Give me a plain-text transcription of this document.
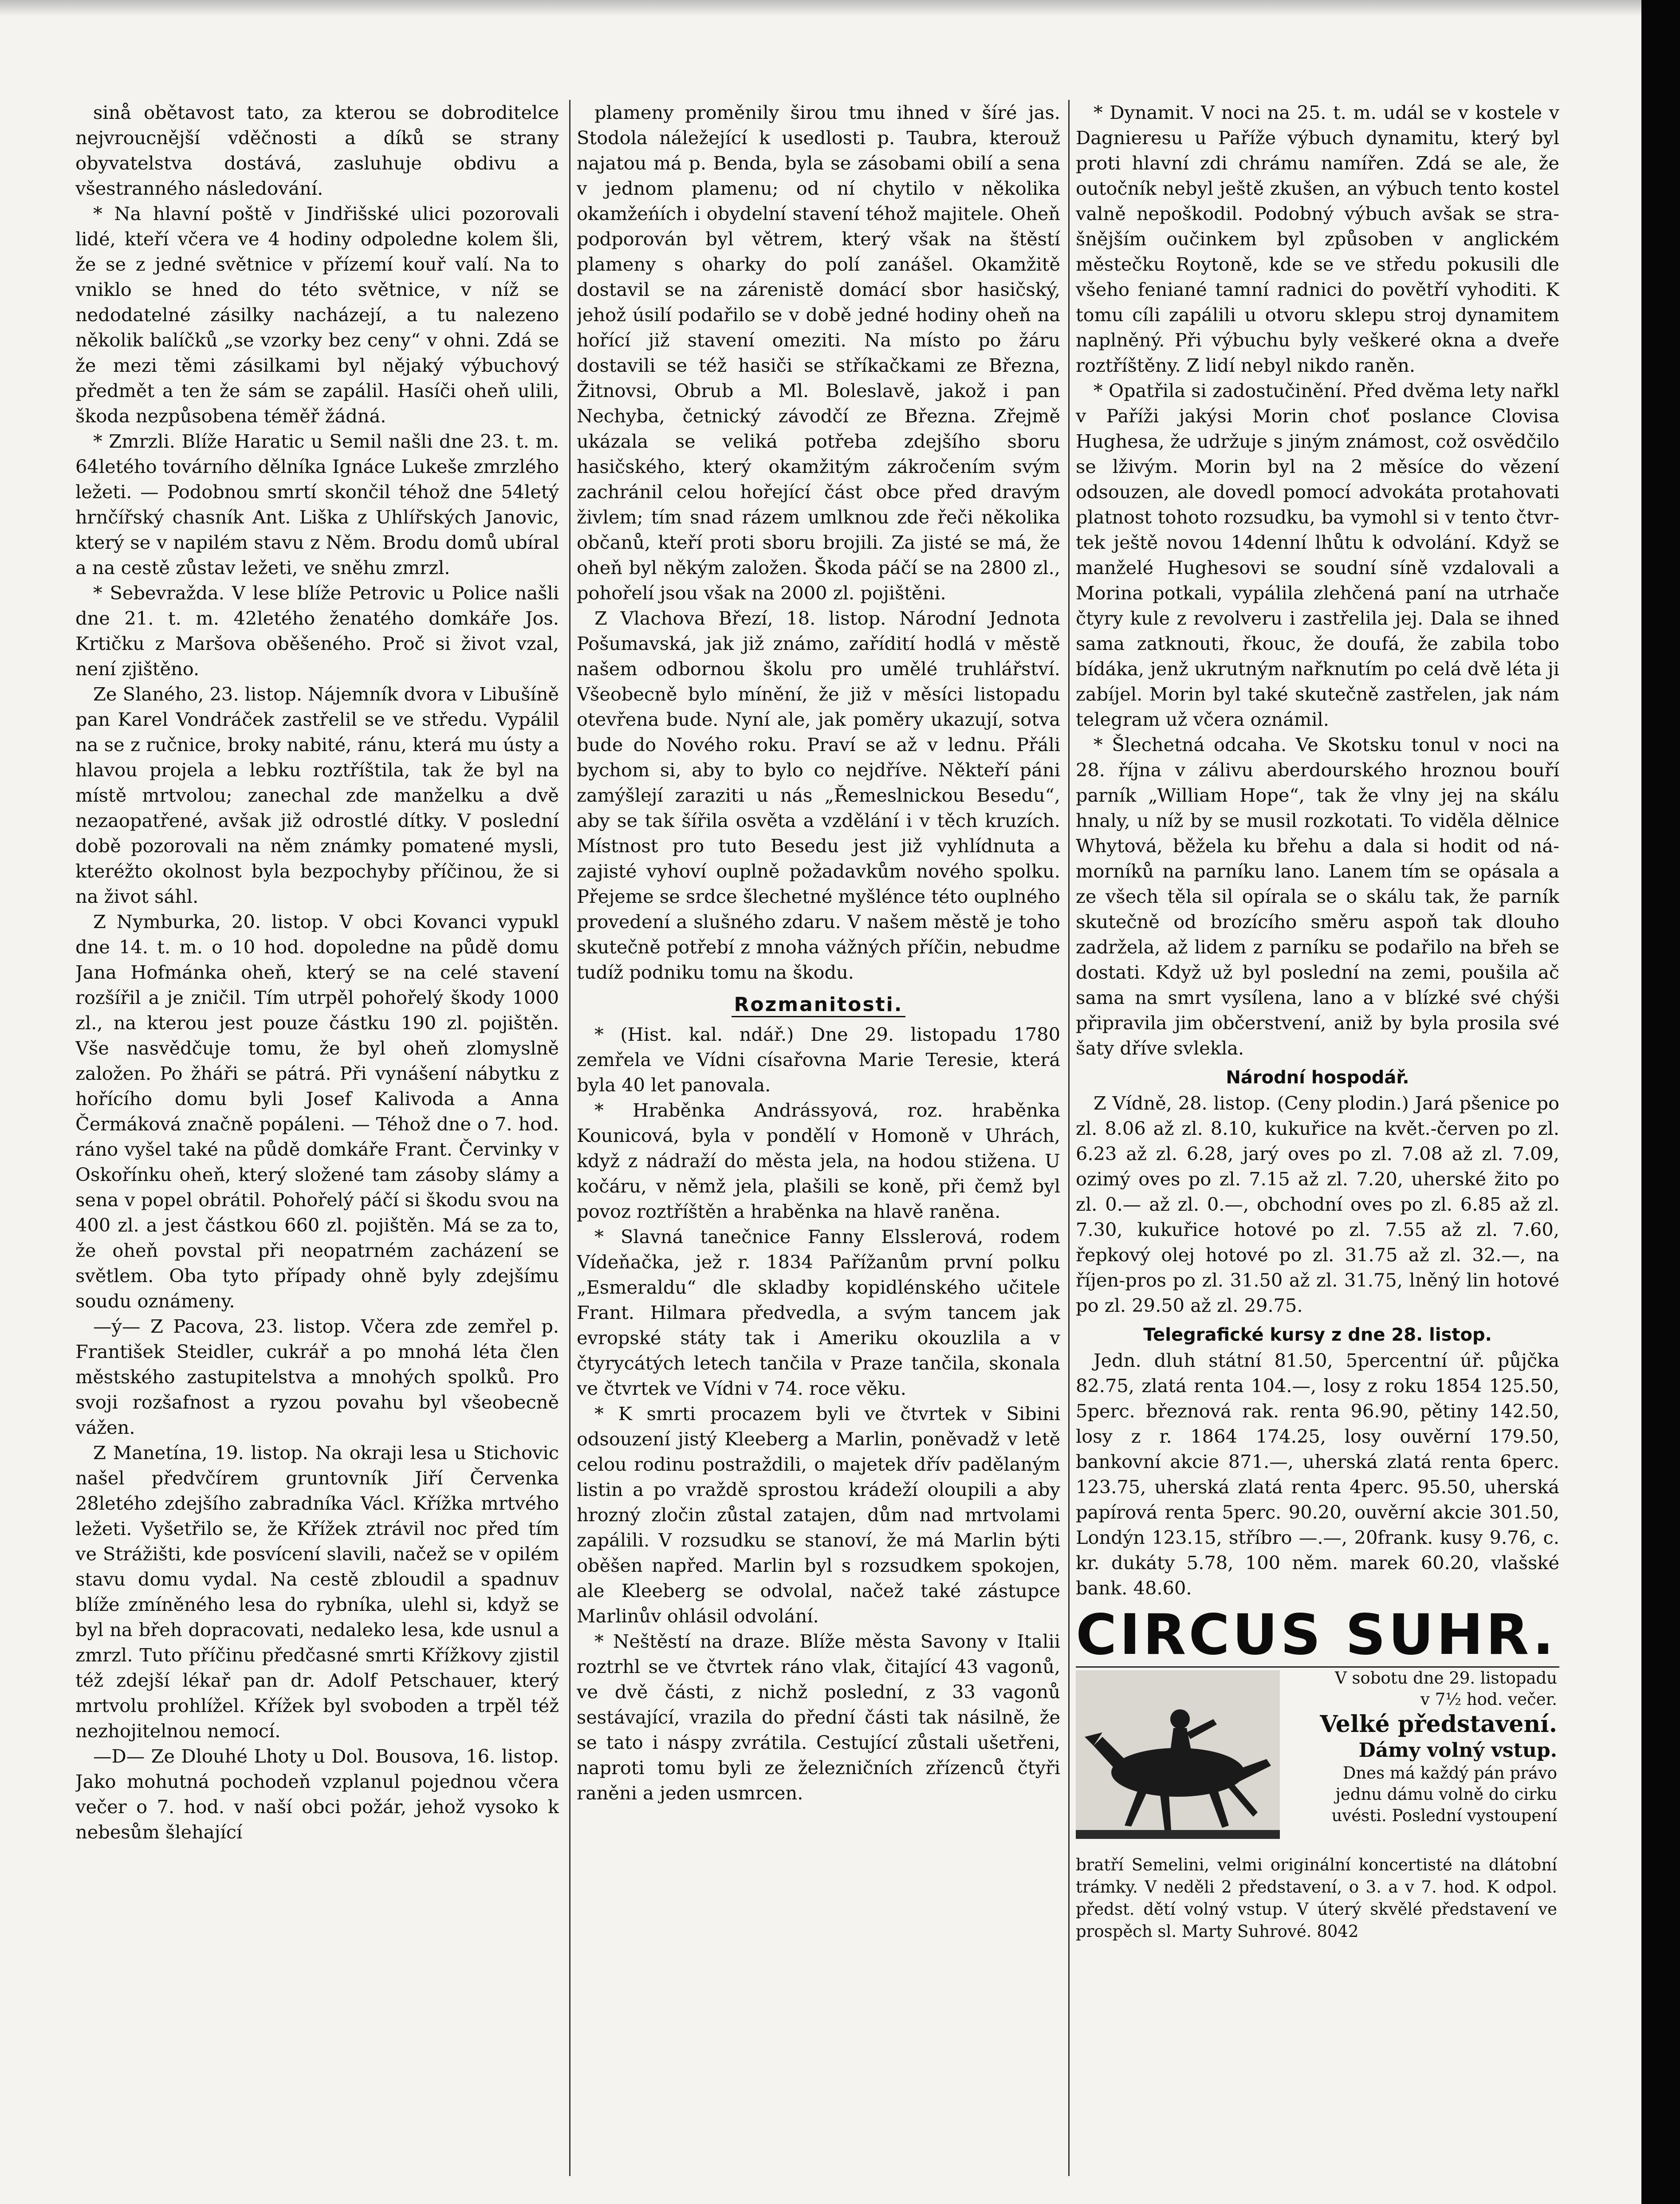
sinå obětavost tato, za kterou se dobroditelce nejvroucnější vděčnosti a díků se strany obyvatelstva dostává, zasluhuje obdivu a všestranného následování.

* Na hlavní poště v Jindřišské ulici pozorovali lidé, kteří včera ve 4 hodiny odpoledne kolem šli, že se z jedné světnice v přízemí kouř valí. Na to vniklo se hned do této světnice, v níž se nedodatelné zásilky nacházejí, a tu nalezeno několik balíčků „se vzorky bez ceny“ v ohni. Zdá se že mezi těmi zásilkami byl nějaký výbuchový předmět a ten že sám se zapálil. Hasíči oheň ulili, škoda nezpůsobena téměř žádná.

* Zmrzli. Blíže Haratic u Semil našli dne 23. t. m. 64letého továrního dělníka Ignáce Lukeše zmrzlého ležeti. — Podobnou smrtí skončil téhož dne 54letý hrnčířský chasník Ant. Liška z Uhlířských Janovic, který se v napilém stavu z Něm. Brodu domů ubíral a na cestě zůstav ležeti, ve sněhu zmrzl.

* Sebevražda. V lese blíže Petrovic u Police našli dne 21. t. m. 42letého ženatého domkáře Jos. Krtičku z Maršova oběšeného. Proč si život vzal, není zjištěno.

Ze Slaného, 23. listop. Nájemník dvora v Libušíně pan Karel Vondráček zastřelil se ve středu. Vypálil na se z ručnice, broky nabité, ránu, která mu ústy a hlavou projela a lebku roztříštila, tak že byl na místě mrtvolou; zanechal zde manželku a dvě nezaopatřené, avšak již odrostlé dítky. V poslední době pozorovali na něm známky pomatené mysli, kteréžto okolnost byla bezpochyby příčinou, že si na život sáhl.

Z Nymburka, 20. listop. V obci Kovanci vypukl dne 14. t. m. o 10 hod. dopoledne na půdě domu Jana Hofmánka oheň, který se na celé stavení rozšířil a je zničil. Tím utrpěl pohořelý škody 1000 zl., na kterou jest pouze částku 190 zl. pojištěn. Vše nasvědčuje tomu, že byl oheň zlomyslně založen. Po žháři se pátrá. Při vynášení nábytku z hořícího domu byli Josef Kalivoda a Anna Čermáková značně popáleni. — Téhož dne o 7. hod. ráno vyšel také na půdě domkáře Frant. Červinky v Oskořínku oheň, který složené tam zásoby slámy a sena v popel obrátil. Pohořelý páčí si škodu svou na 400 zl. a jest částkou 660 zl. pojištěn. Má se za to, že oheň povstal při neopatrném zacházení se světlem. Oba tyto případy ohně byly zdejšímu soudu oznámeny.

—ý— Z Pacova, 23. listop. Včera zde zemřel p. František Steidler, cukrář a po mnohá léta člen městského zastupitelstva a mnohých spolků. Pro svoji rozšafnost a ryzou povahu byl všeobecně vážen.

Z Manetína, 19. listop. Na okraji lesa u Stichovic našel předvčírem gruntovník Jiří Červenka 28letého zdejšího zabradníka Václ. Křížka mrtvého ležeti. Vyšetřilo se, že Křížek ztrávil noc před tím ve Strážišti, kde posvícení slavili, načež se v opilém stavu domu vydal. Na cestě zbloudil a spadnuv blíže zmíněného lesa do rybníka, ulehl si, když se byl na břeh dopracovati, nedaleko lesa, kde usnul a zmrzl. Tuto příčinu předčasné smrti Křížkovy zjistil též zdejší lékař pan dr. Adolf Petschauer, který mrtvolu prohlížel. Křížek byl svoboden a trpěl též nezhojitelnou nemocí.

—D— Ze Dlouhé Lhoty u Dol. Bousova, 16. listop. Jako mohutná pochodeň vzplanul pojednou včera večer o 7. hod. v naší obci požár, jehož vysoko k nebesům šlehající

plameny proměnily širou tmu ihned v šíré jas. Stodola náležející k usedlosti p. Taubra, kterouž najatou má p. Benda, byla se zásobami obilí a sena v jednom plamenu; od ní chytilo v několika okamžeńích i obydelní stavení téhož majitele. Oheň podporován byl větrem, který však na štěstí plameny s oharky do polí zanášel. Okamžitě dostavil se na zárenistě domácí sbor hasičský, jehož úsilí podařilo se v době jedné hodiny oheň na hořící již stavení omeziti. Na místo po žáru dostavili se též hasiči se stříkačkami ze Března, Žitnovsi, Obrub a Ml. Boleslavě, jakož i pan Nechyba, četnický závodčí ze Března. Zřejmě ukázala se veliká potřeba zdejšího sboru hasičského, který okamžitým zákročením svým zachránil celou hořející část obce před dravým živlem; tím snad rázem umlknou zde řeči několika občanů, kteří proti sboru brojili. Za jisté se má, že oheň byl někým založen. Škoda páčí se na 2800 zl., pohořelí jsou však na 2000 zl. pojištěni.

Z Vlachova Březí, 18. listop. Národní Jednota Pošumavská, jak již známo, zařídití hodlá v městě našem odbornou školu pro umělé truhlářství. Všeobecně bylo mínění, že již v měsíci listopadu otevřena bude. Nyní ale, jak poměry ukazují, sotva bude do Nového roku. Praví se až v lednu. Přáli bychom si, aby to bylo co nejdříve. Někteří páni zamýšlejí zaraziti u nás „Řemeslnickou Besedu“, aby se tak šířila osvěta a vzdělání i v těch kruzích. Místnost pro tuto Besedu jest již vyhlídnuta a zajisté vyhoví ouplně požadavkům nového spolku. Přejeme se srdce šlechetné myšlénce této ouplného provedení a slušného zdaru. V našem městě je toho skutečně potřebí z mnoha vážných příčin, nebudme tudíž podniku tomu na škodu.

Rozmanitosti.

* (Hist. kal. ndář.) Dne 29. listopadu 1780 zemřela ve Vídni císařovna Marie Teresie, která byla 40 let panovala.

* Hraběnka Andrássyová, roz. hraběnka Kounicová, byla v pondělí v Homoně v Uhrách, když z nádraží do města jela, na hodou stižena. U kočáru, v němž jela, plašili se koně, při čemž byl povoz roztříštěn a hraběnka na hlavě raněna.

* Slavná tanečnice Fanny Elsslerová, rodem Vídeňačka, jež r. 1834 Pařížanům první polku „Esmeraldu“ dle skladby kopidlénského učitele Frant. Hilmara předvedla, a svým tancem jak evropské státy tak i Ameriku okouzlila a v čtyrycátých letech tančila v Praze tančila, skonala ve čtvrtek ve Vídni v 74. roce věku.

* K smrti procazem byli ve čtvrtek v Sibini odsouzení jistý Kleeberg a Marlin, poněvadž v letě celou rodinu postraždili, o majetek dřív padělaným listin a po vraždě sprostou krádeží oloupili a aby hrozný zločin zůstal zatajen, dům nad mrtvolami zapálili. V rozsudku se stanoví, že má Marlin býti oběšen napřed. Marlin byl s rozsudkem spokojen, ale Kleeberg se odvolal, načež také zástupce Marlinův ohlásil odvolání.

* Neštěstí na draze. Blíže města Savony v Italii roztrhl se ve čtvrtek ráno vlak, čitající 43 vagonů, ve dvě části, z nichž poslední, z 33 vagonů sestávající, vrazila do přední části tak násilně, že se tato i náspy zvrátila. Cestující zůstali ušetřeni, naproti tomu byli ze železničních zřízenců čtyři raněni a jeden usmrcen.

* Dynamit. V noci na 25. t. m. udál se v kostele v Dagnieresu u Paříže výbuch dynamitu, který byl proti hlavní zdi chrámu namířen. Zdá se ale, že outočník nebyl ještě zkušen, an výbuch tento kostel valně nepoškodil. Podobný výbuch avšak se strašnějším oučinkem byl způsoben v anglickém městečku Roytoně, kde se ve středu pokusili dle všeho feniané tamní radnici do povětří vyhoditi. K tomu cíli zapálili u otvoru sklepu stroj dynamitem naplněný. Při výbuchu byly veškeré okna a dveře roztříštěny. Z lidí nebyl nikdo raněn.

* Opatřila si zadostučinění. Před dvěma lety nařkl v Paříži jakýsi Morin choť poslance Clovisa Hughesa, že udržuje s jiným známost, což osvědčilo se lživým. Morin byl na 2 měsíce do vězení odsouzen, ale dovedl pomocí advokáta protahovati platnost tohoto rozsudku, ba vymohl si v tento čtvrtek ještě novou 14denní lhůtu k odvolání. Když se manželé Hughesovi se soudní síně vzdalovali a Morina potkali, vypálila zlehčená paní na utrhače čtyry kule z revolveru i zastřelila jej. Dala se ihned sama zatknouti, řkouc, že doufá, že zabila tobo bídáka, jenž ukrutným nařknutím po celá dvě léta ji zabíjel. Morin byl také skutečně zastřelen, jak nám telegram už včera oznámil.

* Šlechetná odcaha. Ve Skotsku tonul v noci na 28. října v zálivu aberdourského hroznou bouří parník „William Hope“, tak že vlny jej na skálu hnaly, u níž by se musil rozkotati. To viděla dělnice Whytová, běžela ku břehu a dala si hodit od námorníků na parníku lano. Lanem tím se opásala a ze všech těla sil opírala se o skálu tak, že parník skutečně od brozícího směru aspoň tak dlouho zadržela, až lidem z parníku se podařilo na břeh se dostati. Když už byl poslední na zemi, poušila ač sama na smrt vysílena, lano a v blízké své chýši připravila jim občerstvení, aniž by byla prosila své šaty dříve svlekla.

Národní hospodář.

Z Vídně, 28. listop. (Ceny plodin.) Jará pšenice po zl. 8.06 až zl. 8.10, kukuřice na květ.-červen po zl. 6.23 až zl. 6.28, jarý oves po zl. 7.08 až zl. 7.09, ozimý oves po zl. 7.15 až zl. 7.20, uherské žito po zl. 0.— až zl. 0.—, obchodní oves po zl. 6.85 až zl. 7.30, kukuřice hotové po zl. 7.55 až zl. 7.60, řepkový olej hotové po zl. 31.75 až zl. 32.—, na říjen-pros po zl. 31.50 až zl. 31.75, lněný lin hotové po zl. 29.50 až zl. 29.75.

Telegrafické kursy z dne 28. listop.

Jedn. dluh státní 81.50, 5percentní úř. půjčka 82.75, zlatá renta 104.—, losy z roku 1854 125.50, 5perc. březnová rak. renta 96.90, pětiny 142.50, losy z r. 1864 174.25, losy ouvěrní 179.50, bankovní akcie 871.—, uherská zlatá renta 6perc. 123.75, uherská zlatá renta 4perc. 95.50, uherská papírová renta 5perc. 90.20, ouvěrní akcie 301.50, Londýn 123.15, stříbro —.—, 20frank. kusy 9.76, c. kr. dukáty 5.78, 100 něm. marek 60.20, vlašské bank. 48.60.

CIRCUS SUHR.
V sobotu dne 29. listopadu
v 7½ hod. večer.
Velké představení.
Dámy volný vstup.
Dnes má každý pán právo
jednu dámu volně do cirku
uvésti. Poslední vystoupení
bratří Semelini, velmi originální koncertisté na dlátobní trámky. V neděli 2 představení, o 3. a v 7. hod. K odpol. předst. dětí volný vstup. V úterý skvělé představení ve prospěch sl. Marty Suhrové. 8042
